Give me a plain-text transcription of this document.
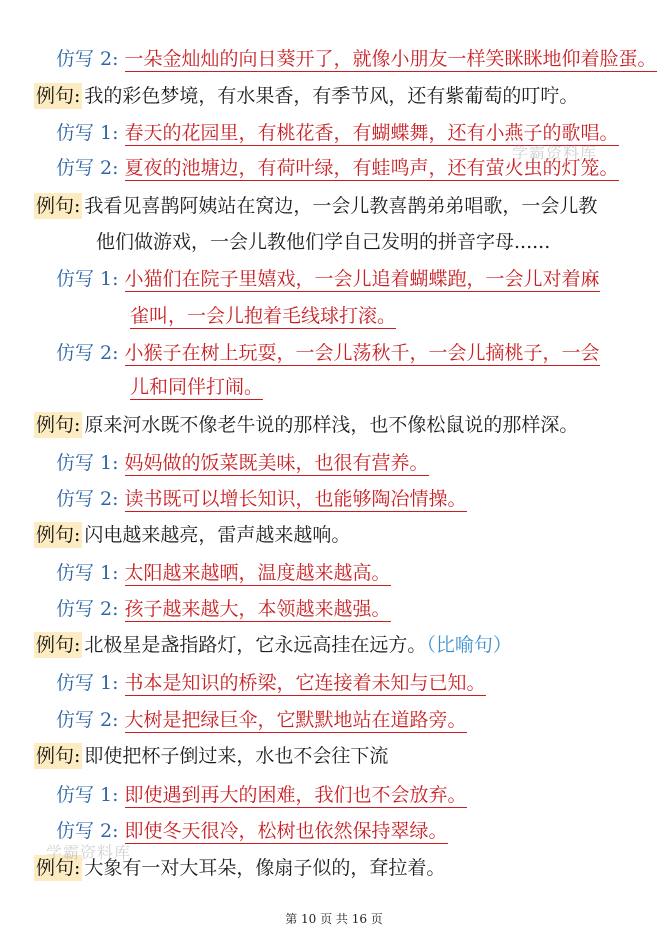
仿写 2: 一朵金灿灿的向日葵开了，就像小朋友一样笑眯眯地仰着脸蛋。
例句: 我的彩色梦境，有水果香，有季节风，还有紫葡萄的叮咛。
仿写 1: 春天的花园里，有桃花香，有蝴蝶舞，还有小燕子的歌唱。
仿写 2: 夏夜的池塘边，有荷叶绿，有蛙鸣声，还有萤火虫的灯笼。
例句: 我看见喜鹊阿姨站在窝边，一会儿教喜鹊弟弟唱歌，一会儿教
他们做游戏，一会儿教他们学自己发明的拼音字母......
仿写 1: 小猫们在院子里嬉戏，一会儿追着蝴蝶跑，一会儿对着麻
雀叫，一会儿抱着毛线球打滚。
仿写 2: 小猴子在树上玩耍，一会儿荡秋千，一会儿摘桃子，一会
儿和同伴打闹。
例句: 原来河水既不像老牛说的那样浅，也不像松鼠说的那样深。
仿写 1: 妈妈做的饭菜既美味，也很有营养。
仿写 2: 读书既可以增长知识，也能够陶冶情操。
例句: 闪电越来越亮，雷声越来越响。
仿写 1: 太阳越来越晒，温度越来越高。
仿写 2: 孩子越来越大，本领越来越强。
例句: 北极星是盏指路灯，它永远高挂在远方。（比喻句）
仿写 1: 书本是知识的桥梁，它连接着未知与已知。
仿写 2: 大树是把绿巨伞，它默默地站在道路旁。
例句: 即使把杯子倒过来，水也不会往下流
仿写 1: 即使遇到再大的困难，我们也不会放弃。
仿写 2: 即使冬天很冷，松树也依然保持翠绿。
例句: 大象有一对大耳朵，像扇子似的，耷拉着。
学霸资料库
学霸资料库
第 10 页 共 16 页
